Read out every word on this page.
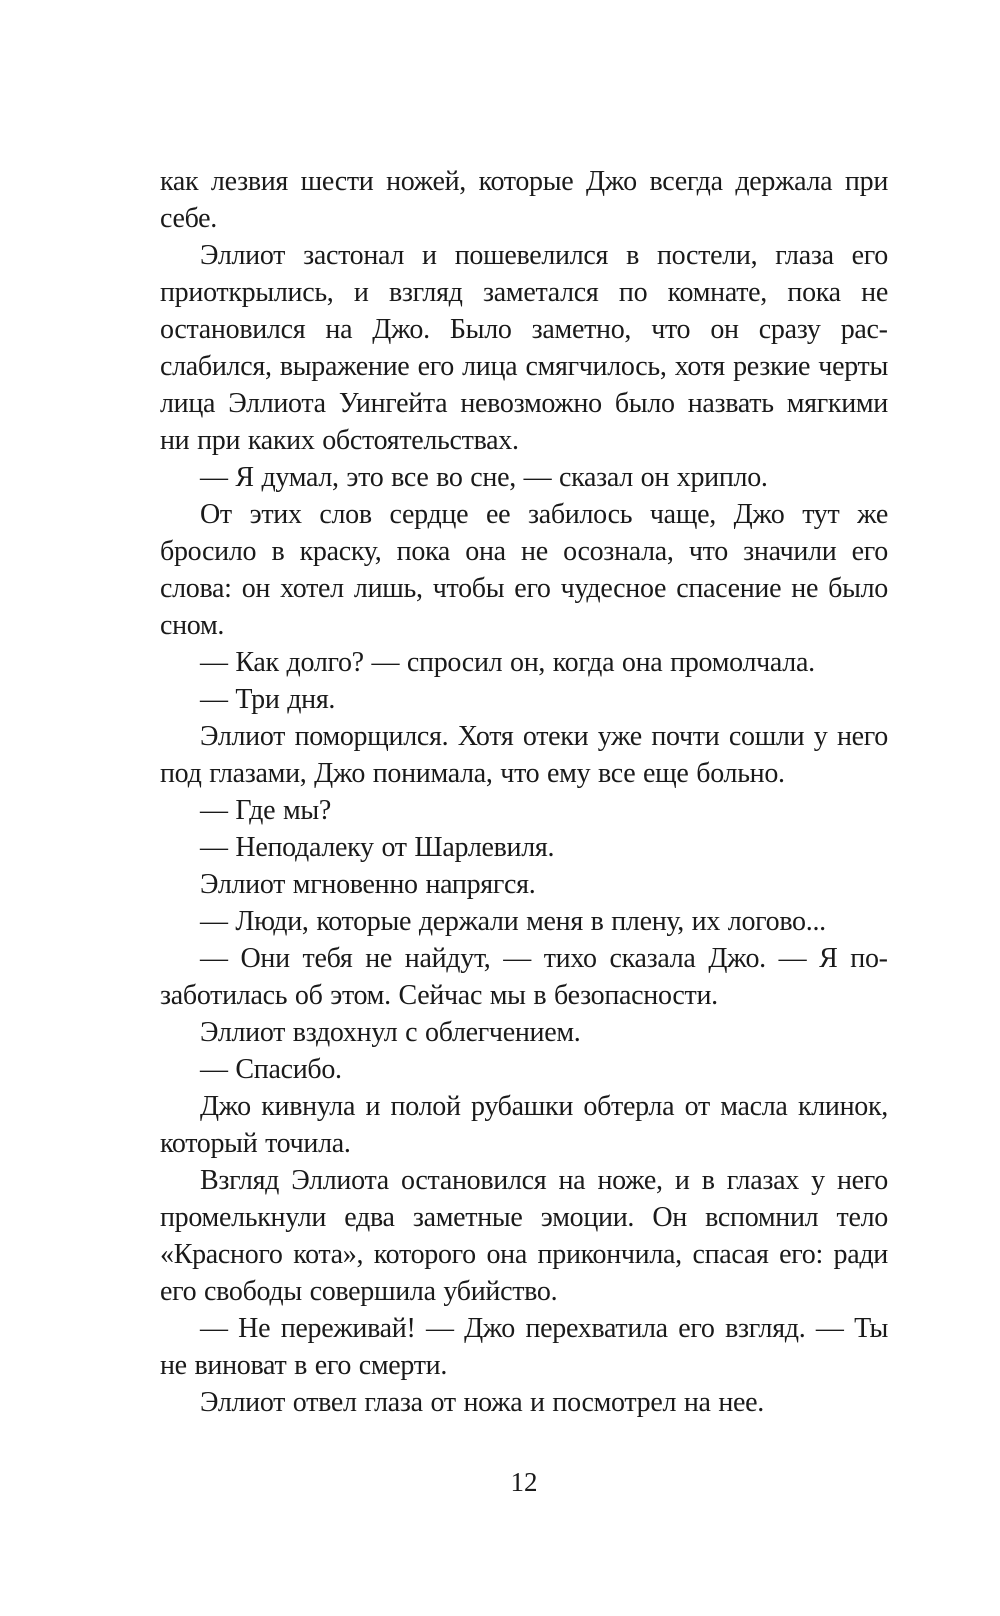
как лезвия шести ножей, которые Джо всегда держала при себе.

Эллиот застонал и пошевелился в постели, глаза его приоткрылись, и взгляд заметался по комнате, пока не остановился на Джо. Было заметно, что он сразу расслабился, выражение его лица смягчилось, хотя резкие черты лица Эллиота Уингейта невозможно было назвать мягкими ни при каких обстоятельствах.

— Я думал, это все во сне, — сказал он хрипло.

От этих слов сердце ее забилось чаще, Джо тут же бросило в краску, пока она не осознала, что значили его слова: он хотел лишь, чтобы его чудесное спасение не было сном.

— Как долго? — спросил он, когда она промолчала.

— Три дня.

Эллиот поморщился. Хотя отеки уже почти сошли у него под глазами, Джо понимала, что ему все еще больно.

— Где мы?

— Неподалеку от Шарлевиля.

Эллиот мгновенно напрягся.

— Люди, которые держали меня в плену, их логово...

— Они тебя не найдут, — тихо сказала Джо. — Я позаботилась об этом. Сейчас мы в безопасности.

Эллиот вздохнул с облегчением.

— Спасибо.

Джо кивнула и полой рубашки обтерла от масла клинок, который точила.

Взгляд Эллиота остановился на ноже, и в глазах у него промелькнули едва заметные эмоции. Он вспомнил тело «Красного кота», которого она прикончила, спасая его: ради его свободы совершила убийство.

— Не переживай! — Джо перехватила его взгляд. — Ты не виноват в его смерти.

Эллиот отвел глаза от ножа и посмотрел на нее.

12
